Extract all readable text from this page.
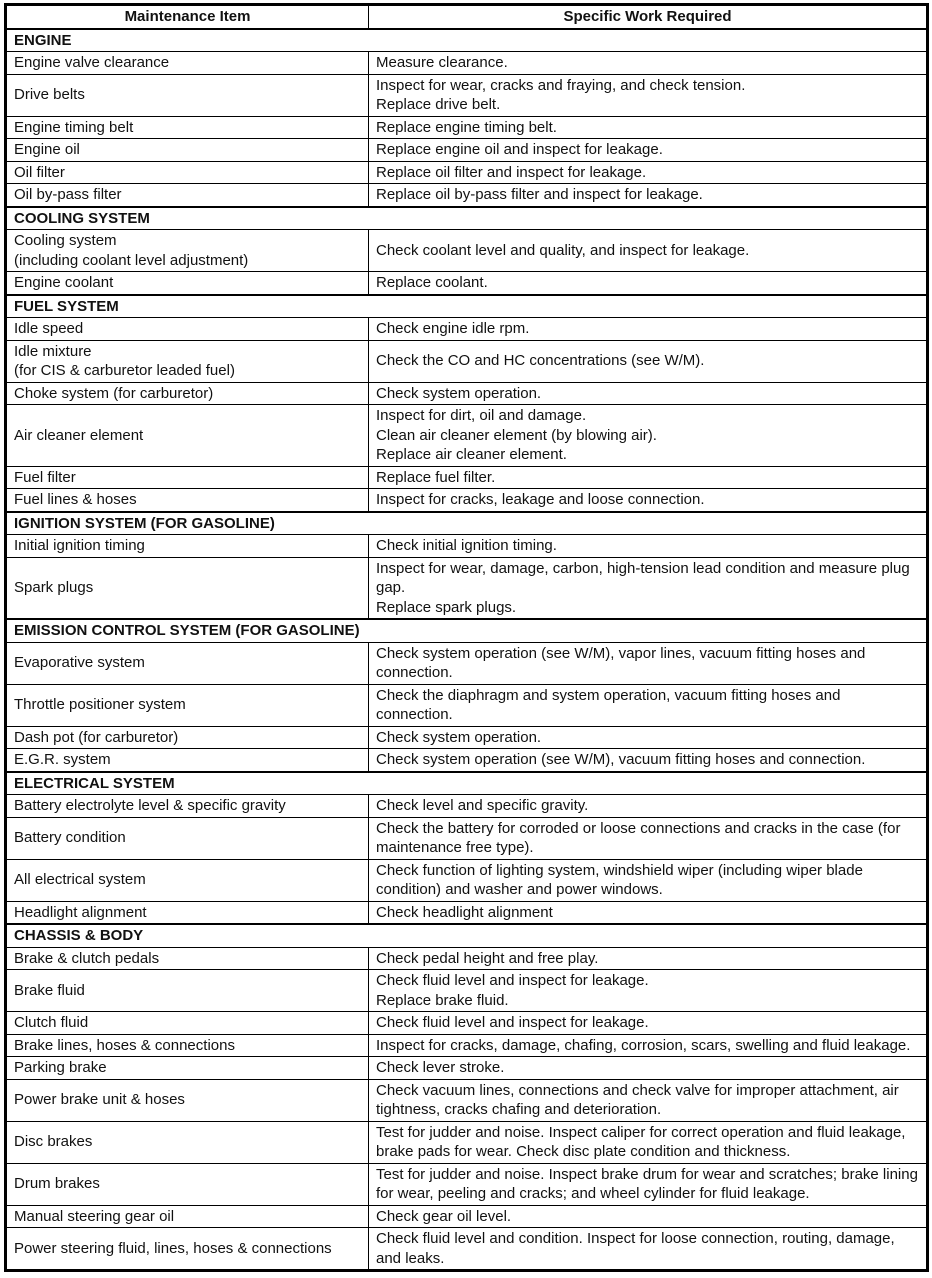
Maintenance Item	Specific Work Required
ENGINE	

Engine valve clearance	Measure clearance.

Drive belts	Inspect for wear, cracks and fraying, and check tension.
Replace drive belt.

Engine timing belt	Replace engine timing belt.

Engine oil	Replace engine oil and inspect for leakage.

Oil filter	Replace oil filter and inspect for leakage.

Oil by-pass filter	Replace oil by-pass filter and inspect for leakage.

COOLING SYSTEM	

Cooling system
(including coolant level adjustment)	Check coolant level and quality, and inspect for leakage.

Engine coolant	Replace coolant.

FUEL SYSTEM	

Idle speed	Check engine idle rpm.

Idle mixture
(for CIS & carburetor leaded fuel)	Check the CO and HC concentrations (see W/M).

Choke system (for carburetor)	Check system operation.

Air cleaner element	Inspect for dirt, oil and damage.
Clean air cleaner element (by blowing air).
Replace air cleaner element.

Fuel filter	Replace fuel filter.

Fuel lines & hoses	Inspect for cracks, leakage and loose connection.

IGNITION SYSTEM (FOR GASOLINE)	

Initial ignition timing	Check initial ignition timing.

Spark plugs	Inspect for wear, damage, carbon, high-tension lead condition and measure plug gap.
Replace spark plugs.

EMISSION CONTROL SYSTEM (FOR GASOLINE)	

Evaporative system	Check system operation (see W/M), vapor lines, vacuum fitting hoses and connection.

Throttle positioner system	Check the diaphragm and system operation, vacuum fitting hoses and connection.

Dash pot (for carburetor)	Check system operation.

E.G.R. system	Check system operation (see W/M), vacuum fitting hoses and connection.

ELECTRICAL SYSTEM	

Battery electrolyte level & specific gravity	Check level and specific gravity.

Battery condition	Check the battery for corroded or loose connections and cracks in the case (for maintenance free type).

All electrical system	Check function of lighting system, windshield wiper (including wiper blade condition) and washer and power windows.

Headlight alignment	Check headlight alignment

CHASSIS & BODY	

Brake & clutch pedals	Check pedal height and free play.

Brake fluid	Check fluid level and inspect for leakage.
Replace brake fluid.

Clutch fluid	Check fluid level and inspect for leakage.

Brake lines, hoses & connections	Inspect for cracks, damage, chafing, corrosion, scars, swelling and fluid leakage.

Parking brake	Check lever stroke.

Power brake unit & hoses	Check vacuum lines, connections and check valve for improper attachment, air tightness, cracks chafing and deterioration.

Disc brakes	Test for judder and noise. Inspect caliper for correct operation and fluid leakage, brake pads for wear. Check disc plate condition and thickness.

Drum brakes	Test for judder and noise. Inspect brake drum for wear and scratches; brake lining for wear, peeling and cracks; and wheel cylinder for fluid leakage.

Manual steering gear oil	Check gear oil level.

Power steering fluid, lines, hoses & connections	Check fluid level and condition. Inspect for loose connection, routing, damage, and leaks.
